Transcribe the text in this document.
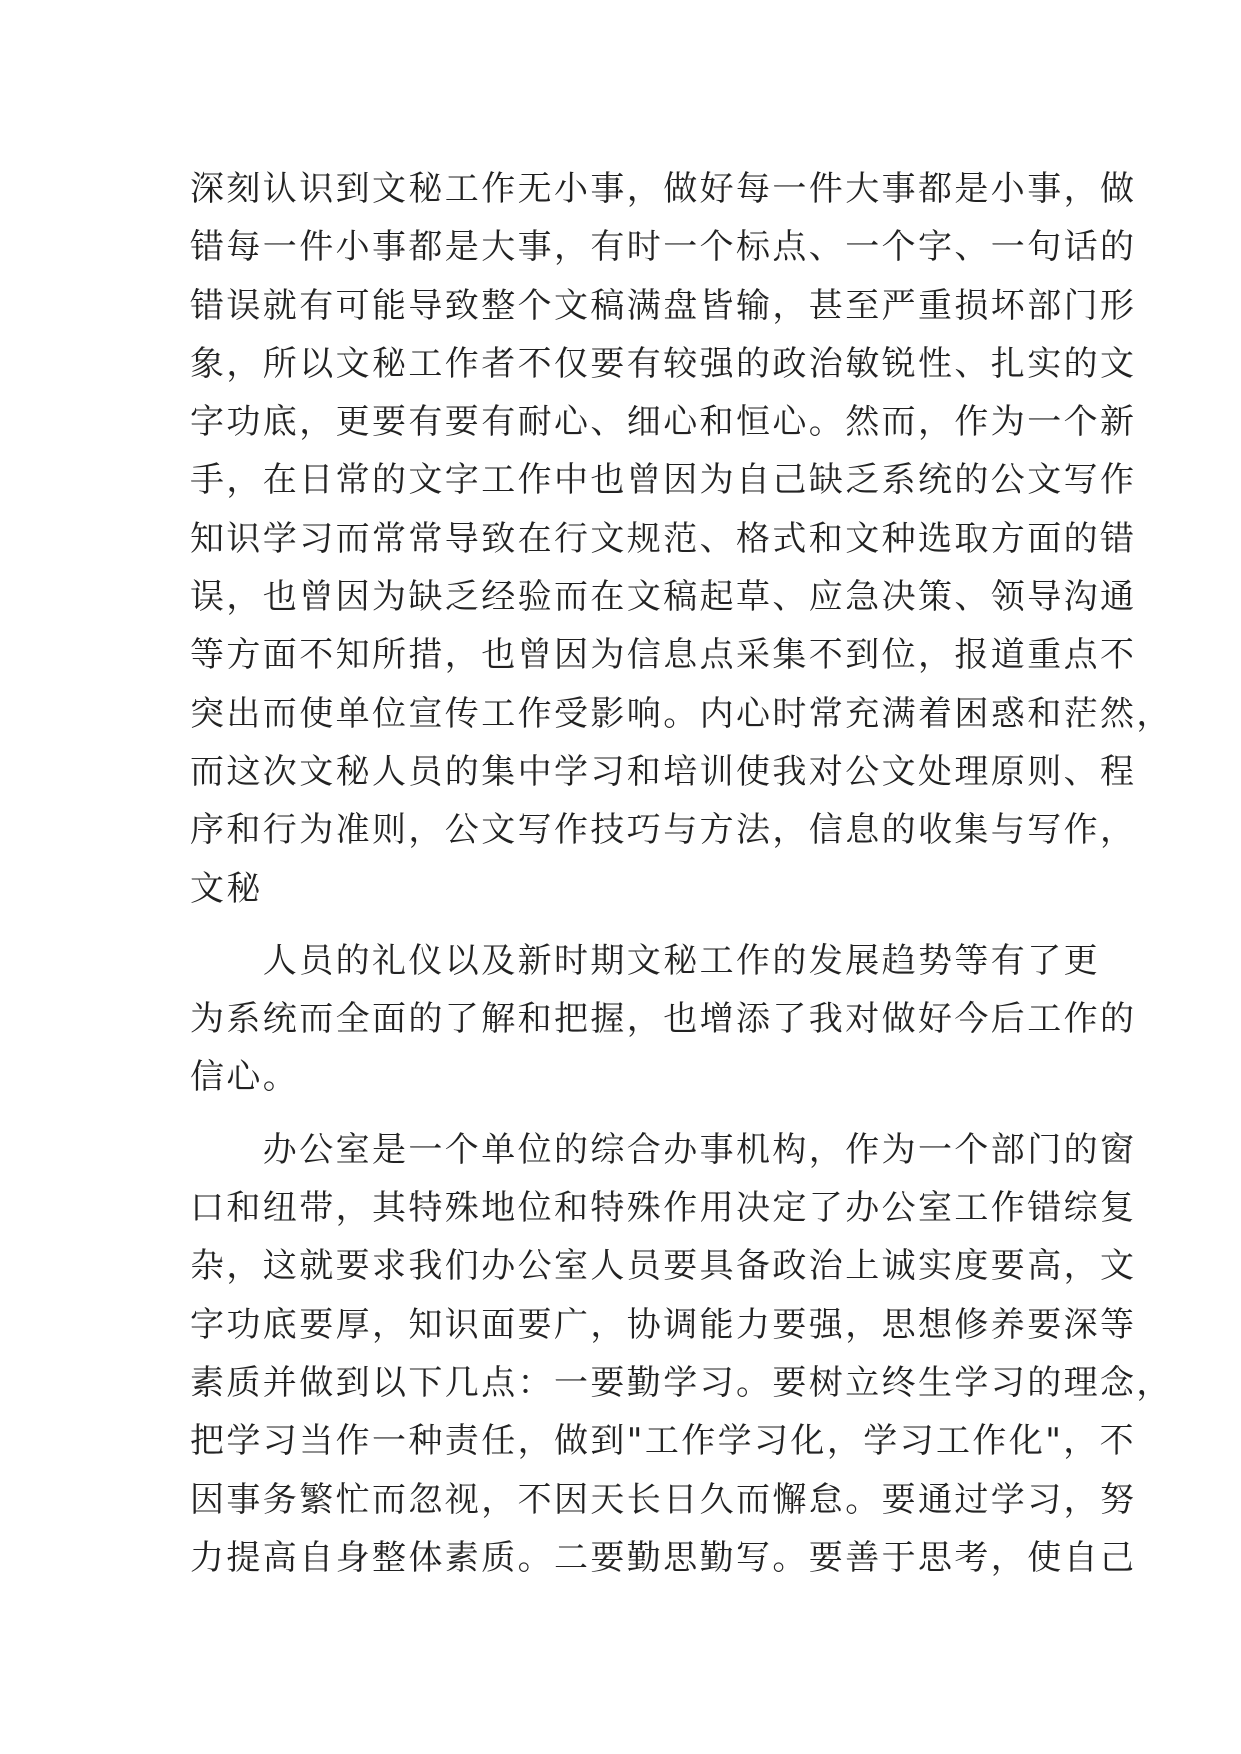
深刻认识到文秘工作无小事，做好每一件大事都是小事，做
错每一件小事都是大事，有时一个标点、一个字、一句话的
错误就有可能导致整个文稿满盘皆输，甚至严重损坏部门形
象，所以文秘工作者不仅要有较强的政治敏锐性、扎实的文
字功底，更要有要有耐心、细心和恒心。然而，作为一个新
手，在日常的文字工作中也曾因为自己缺乏系统的公文写作
知识学习而常常导致在行文规范、格式和文种选取方面的错
误，也曾因为缺乏经验而在文稿起草、应急决策、领导沟通
等方面不知所措，也曾因为信息点采集不到位，报道重点不
突出而使单位宣传工作受影响。内心时常充满着困惑和茫然，
而这次文秘人员的集中学习和培训使我对公文处理原则、程
序和行为准则，公文写作技巧与方法，信息的收集与写作，
文秘
　　人员的礼仪以及新时期文秘工作的发展趋势等有了更
为系统而全面的了解和把握，也增添了我对做好今后工作的
信心。
　　办公室是一个单位的综合办事机构，作为一个部门的窗
口和纽带，其特殊地位和特殊作用决定了办公室工作错综复
杂，这就要求我们办公室人员要具备政治上诚实度要高，文
字功底要厚，知识面要广，协调能力要强，思想修养要深等
素质并做到以下几点：一要勤学习。要树立终生学习的理念，
把学习当作一种责任，做到"工作学习化，学习工作化"，不
因事务繁忙而忽视，不因天长日久而懈怠。要通过学习，努
力提高自身整体素质。二要勤思勤写。要善于思考，使自己
